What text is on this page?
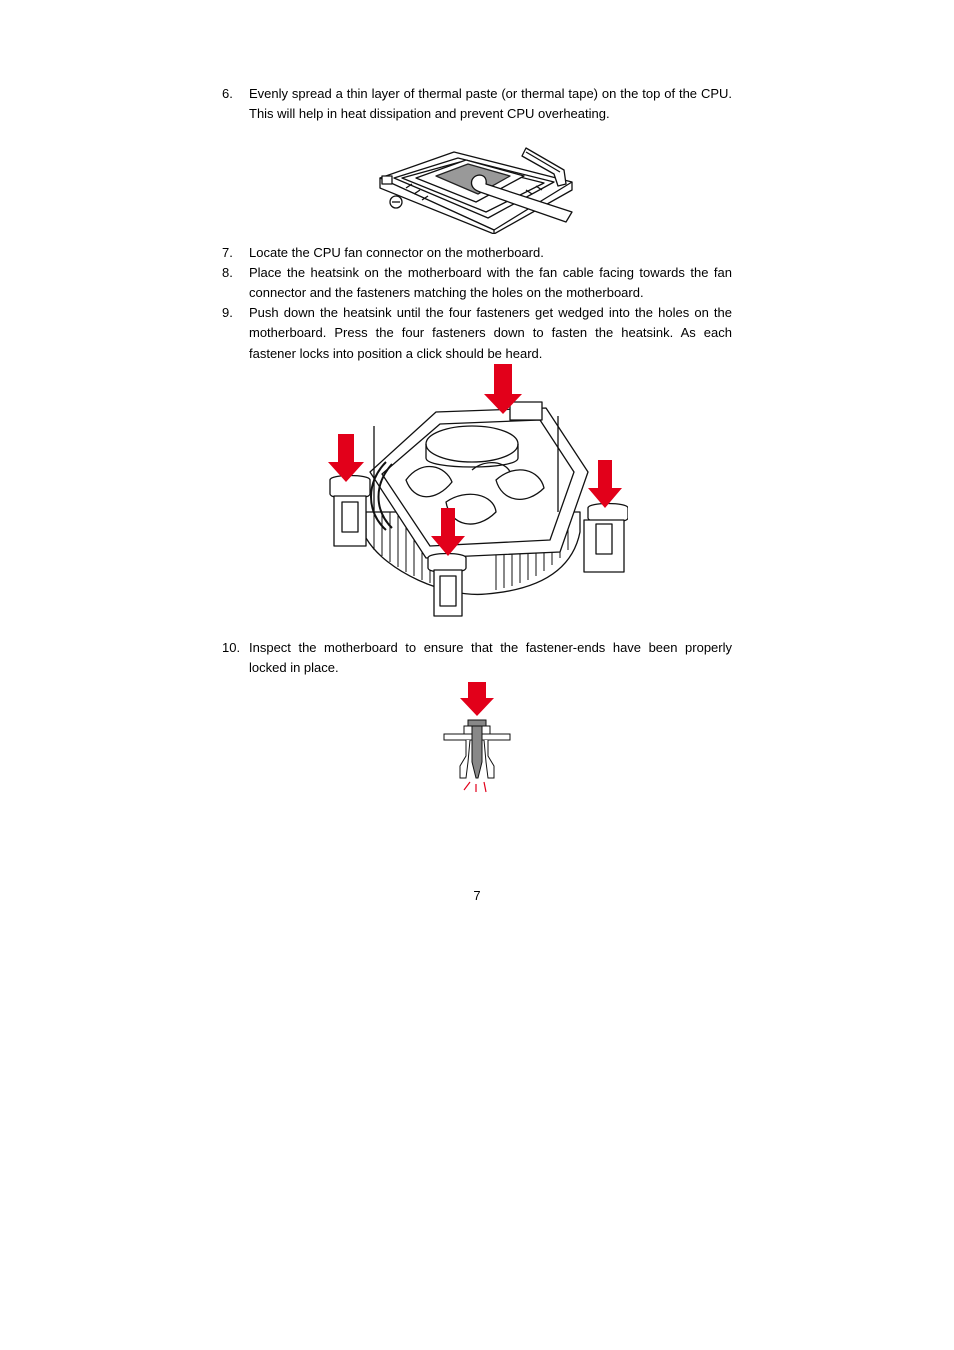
6.	Evenly spread a thin layer of thermal paste (or thermal tape) on the top of the CPU. This will help in heat dissipation and prevent CPU overheating.
7.	Locate the CPU fan connector on the motherboard.
8.	Place the heatsink on the motherboard with the fan cable facing towards the fan connector and the fasteners matching the holes on the motherboard.
9.	Push down the heatsink until the four fasteners get wedged into the holes on the motherboard. Press the four fasteners down to fasten the heatsink. As each fastener locks into position a click should be heard.
10. Inspect the motherboard to ensure that the fastener-ends have been properly locked in place.
7
